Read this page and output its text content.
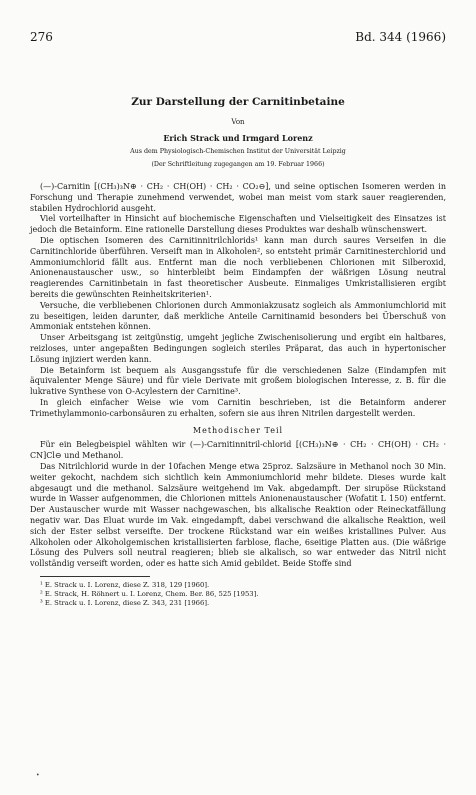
276	Bd. 344 (1966)
Zur Darstellung der Carnitinbetaine
Von
Erich Strack und Irmgard Lorenz
Aus dem Physiologisch-Chemischen Institut der Universität Leipzig
(Der Schriftleitung zugegangen am 19. Februar 1966)

(—)-Carnitin [(CH₃)₃N⊕ · CH₂ · CH(OH) · CH₂ · CO₂⊖], und seine optischen Isomeren werden in Forschung und Therapie zunehmend verwendet, wobei man meist vom stark sauer reagierenden, stabilen Hydrochlorid ausgeht.

Viel vorteilhafter in Hinsicht auf biochemische Eigenschaften und Vielseitigkeit des Einsatzes ist jedoch die Betainform. Eine rationelle Darstellung dieses Produktes war deshalb wünschenswert.

Die optischen Isomeren des Carnitinnitrilchlorids¹ kann man durch saures Verseifen in die Carnitinchloride überführen. Verseift man in Alkoholen², so entsteht primär Carnitinesterchlorid und Ammoniumchlorid fällt aus. Entfernt man die noch verbliebenen Chlorionen mit Silberoxid, Anionenaustauscher usw., so hinterbleibt beim Eindampfen der wäßrigen Lösung neutral reagierendes Carnitinbetain in fast theoretischer Ausbeute. Einmaliges Umkristallisieren ergibt bereits die gewünschten Reinheitskriterien¹.

Versuche, die verbliebenen Chlorionen durch Ammoniakzusatz sogleich als Ammoniumchlorid mit zu beseitigen, leiden darunter, daß merkliche Anteile Carnitinamid besonders bei Überschuß von Ammoniak entstehen können.

Unser Arbeitsgang ist zeitgünstig, umgeht jegliche Zwischenisolierung und ergibt ein haltbares, reizloses, unter angepaßten Bedingungen sogleich steriles Präparat, das auch in hypertonischer Lösung injiziert werden kann.

Die Betainform ist bequem als Ausgangsstufe für die verschiedenen Salze (Eindampfen mit äquivalenter Menge Säure) und für viele Derivate mit großem biologischen Interesse, z. B. für die lukrative Synthese von O-Acylestern der Carnitine³.

In gleich einfacher Weise wie vom Carnitin beschrieben, ist die Betainform anderer Trimethylammonio-carbonsäuren zu erhalten, sofern sie aus ihren Nitrilen dargestellt werden.

Methodischer Teil

Für ein Belegbeispiel wählten wir (—)-Carnitinnitril-chlorid [(CH₃)₃N⊕ · CH₂ · CH(OH) · CH₂ · CN]Cl⊖ und Methanol.

Das Nitrilchlorid wurde in der 10fachen Menge etwa 25proz. Salzsäure in Methanol noch 30 Min. weiter gekocht, nachdem sich sichtlich kein Ammoniumchlorid mehr bildete. Dieses wurde kalt abgesaugt und die methanol. Salzsäure weitgehend im Vak. abgedampft. Der sirupöse Rückstand wurde in Wasser aufgenommen, die Chlorionen mittels Anionenaustauscher (Wofatit L 150) entfernt. Der Austauscher wurde mit Wasser nachgewaschen, bis alkalische Reaktion oder Reineckatfällung negativ war. Das Eluat wurde im Vak. eingedampft, dabei verschwand die alkalische Reaktion, weil sich der Ester selbst verseifte. Der trockene Rückstand war ein weißes kristallines Pulver. Aus Alkoholen oder Alkoholgemischen kristallisierten farblose, flache, 6seitige Platten aus. (Die wäßrige Lösung des Pulvers soll neutral reagieren; blieb sie alkalisch, so war entweder das Nitril nicht vollständig verseift worden, oder es hatte sich Amid gebildet. Beide Stoffe sind

¹ E. Strack u. I. Lorenz, diese Z. 318, 129 [1960].
² E. Strack, H. Röhnert u. I. Lorenz, Chem. Ber. 86, 525 [1953].
³ E. Strack u. I. Lorenz, diese Z. 343, 231 [1966].
•
